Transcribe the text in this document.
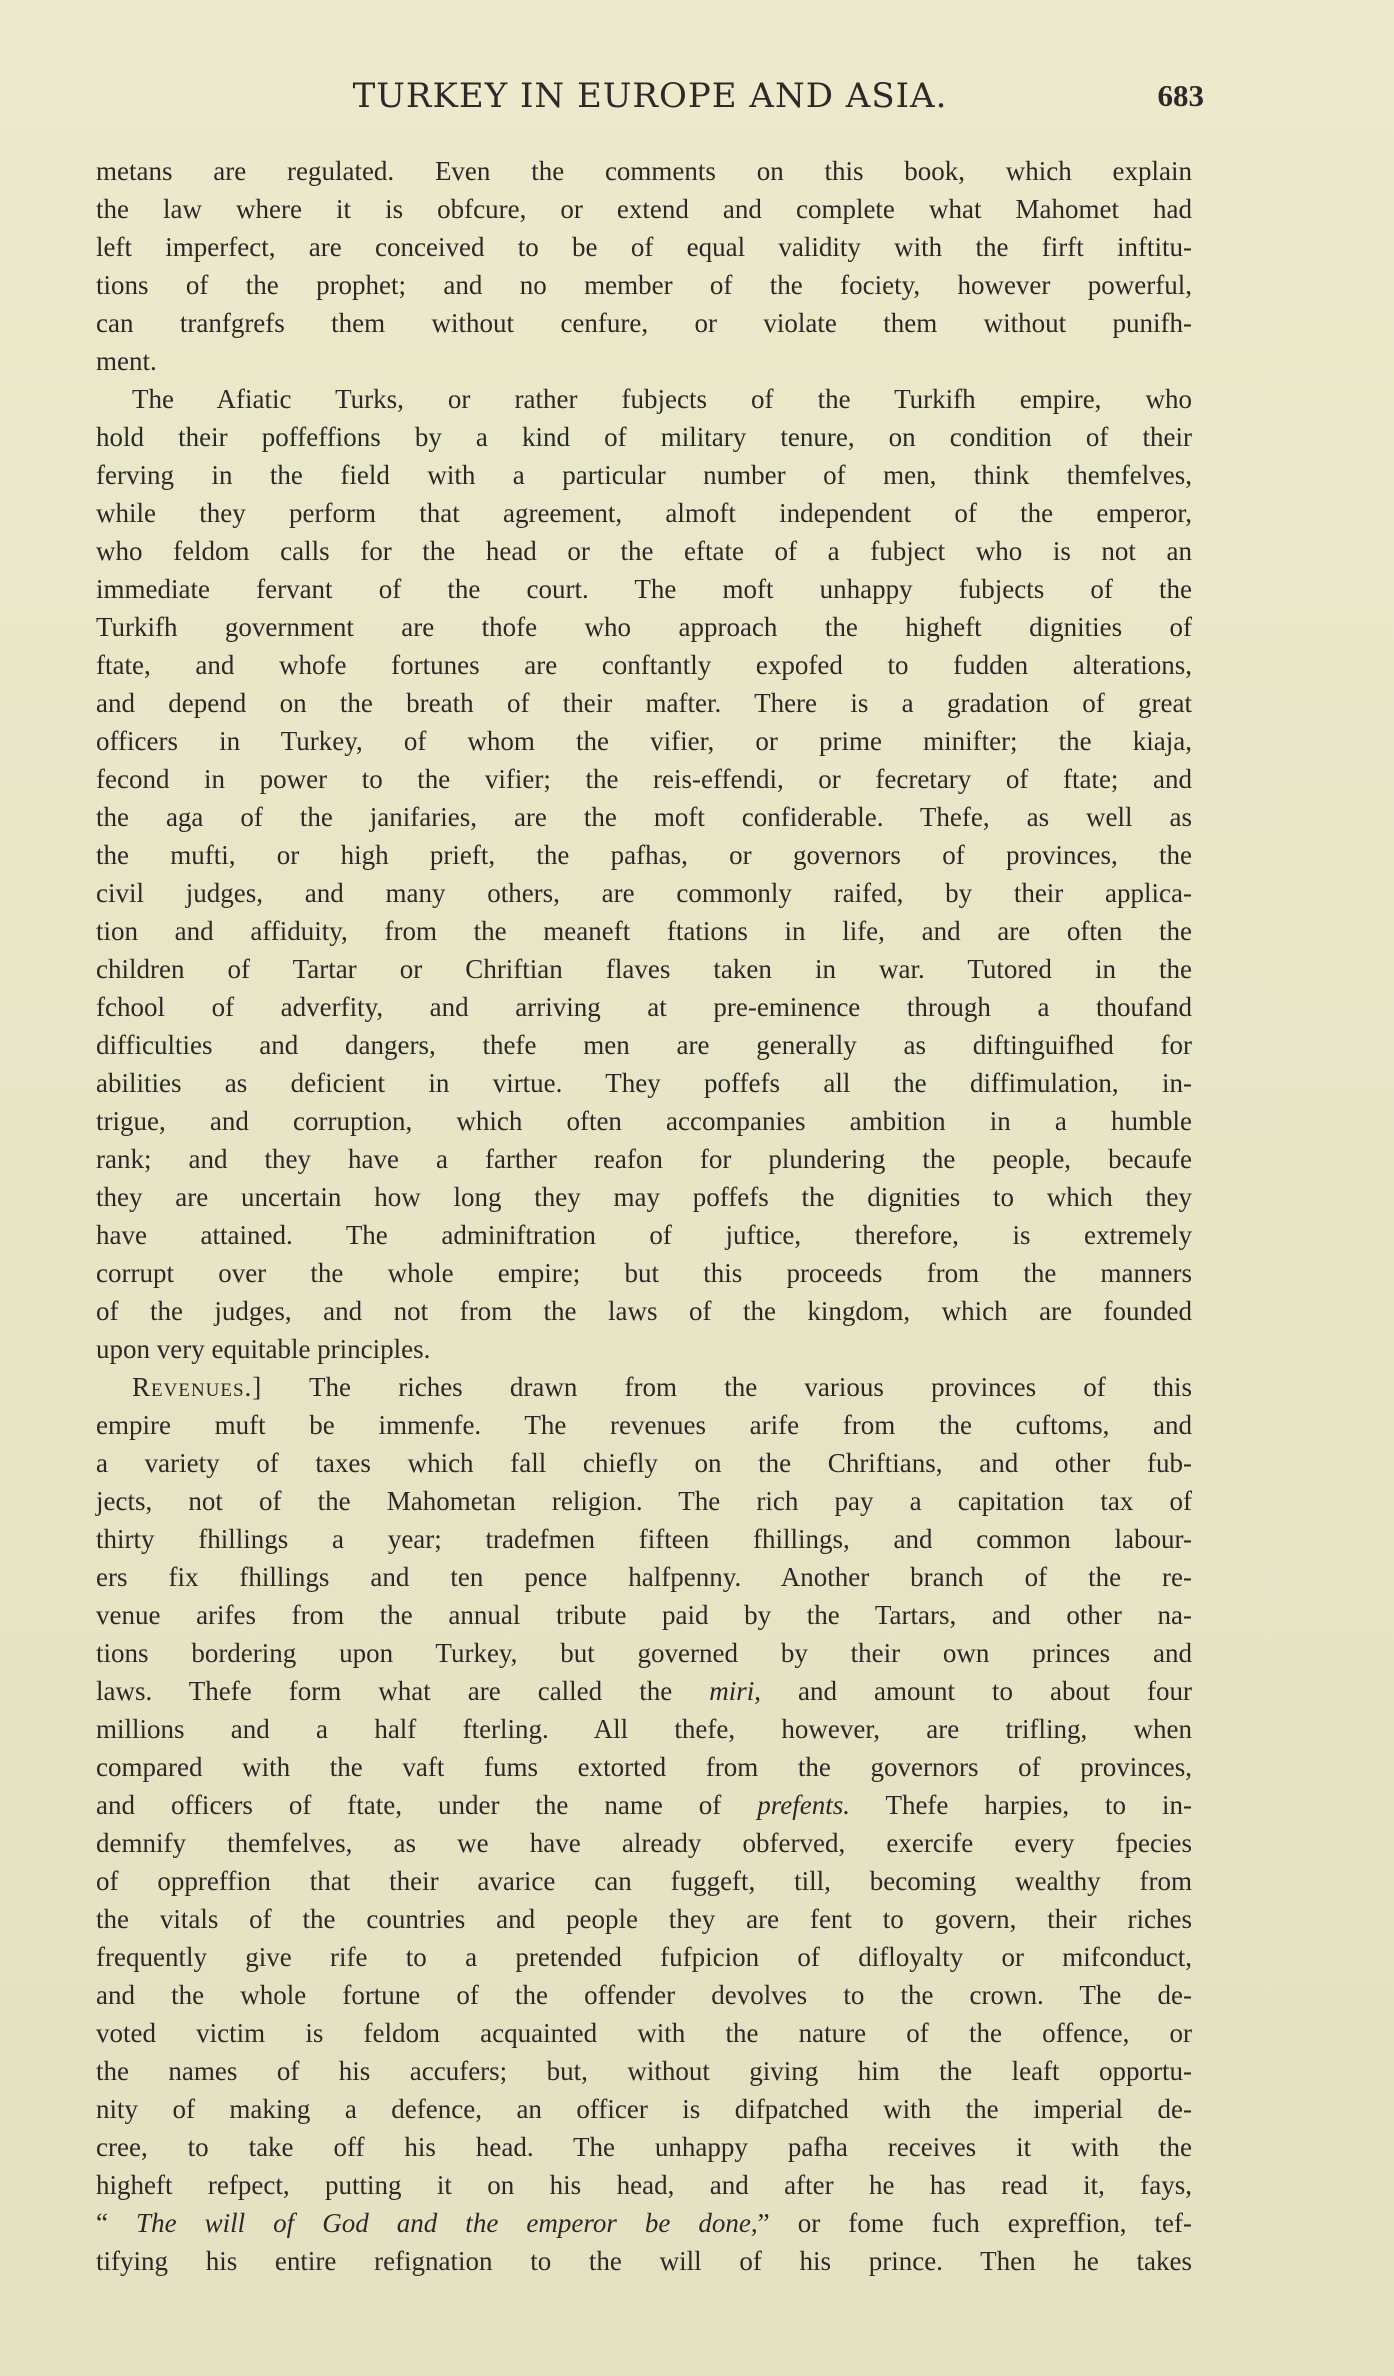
TURKEY IN EUROPE AND ASIA.	683
metans are regulated. Even the comments on this book, which explain
the law where it is obfcure, or extend and complete what Mahomet had
left imperfect, are conceived to be of equal validity with the firft inftitu-
tions of the prophet; and no member of the fociety, however powerful,
can tranfgrefs them without cenfure, or violate them without punifh-
ment.
The Afiatic Turks, or rather fubjects of the Turkifh empire, who
hold their poffeffions by a kind of military tenure, on condition of their
ferving in the field with a particular number of men, think themfelves,
while they perform that agreement, almoft independent of the emperor,
who feldom calls for the head or the eftate of a fubject who is not an
immediate fervant of the court. The moft unhappy fubjects of the
Turkifh government are thofe who approach the higheft dignities of
ftate, and whofe fortunes are conftantly expofed to fudden alterations,
and depend on the breath of their mafter. There is a gradation of great
officers in Turkey, of whom the vifier, or prime minifter; the kiaja,
fecond in power to the vifier; the reis-effendi, or fecretary of ftate; and
the aga of the janifaries, are the moft confiderable. Thefe, as well as
the mufti, or high prieft, the pafhas, or governors of provinces, the
civil judges, and many others, are commonly raifed, by their applica-
tion and affiduity, from the meaneft ftations in life, and are often the
children of Tartar or Chriftian flaves taken in war. Tutored in the
fchool of adverfity, and arriving at pre-eminence through a thoufand
difficulties and dangers, thefe men are generally as diftinguifhed for
abilities as deficient in virtue. They poffefs all the diffimulation, in-
trigue, and corruption, which often accompanies ambition in a humble
rank; and they have a farther reafon for plundering the people, becaufe
they are uncertain how long they may poffefs the dignities to which they
have attained. The adminiftration of juftice, therefore, is extremely
corrupt over the whole empire; but this proceeds from the manners
of the judges, and not from the laws of the kingdom, which are founded
upon very equitable principles.
Revenues.] The riches drawn from the various provinces of this
empire muft be immenfe. The revenues arife from the cuftoms, and
a variety of taxes which fall chiefly on the Chriftians, and other fub-
jects, not of the Mahometan religion. The rich pay a capitation tax of
thirty fhillings a year; tradefmen fifteen fhillings, and common labour-
ers fix fhillings and ten pence halfpenny. Another branch of the re-
venue arifes from the annual tribute paid by the Tartars, and other na-
tions bordering upon Turkey, but governed by their own princes and
laws. Thefe form what are called the miri, and amount to about four
millions and a half fterling. All thefe, however, are trifling, when
compared with the vaft fums extorted from the governors of provinces,
and officers of ftate, under the name of prefents. Thefe harpies, to in-
demnify themfelves, as we have already obferved, exercife every fpecies
of oppreffion that their avarice can fuggeft, till, becoming wealthy from
the vitals of the countries and people they are fent to govern, their riches
frequently give rife to a pretended fufpicion of difloyalty or mifconduct,
and the whole fortune of the offender devolves to the crown. The de-
voted victim is feldom acquainted with the nature of the offence, or
the names of his accufers; but, without giving him the leaft opportu-
nity of making a defence, an officer is difpatched with the imperial de-
cree, to take off his head. The unhappy pafha receives it with the
higheft refpect, putting it on his head, and after he has read it, fays,
“ The will of God and the emperor be done,” or fome fuch expreffion, tef-
tifying his entire refignation to the will of his prince. Then he takes
